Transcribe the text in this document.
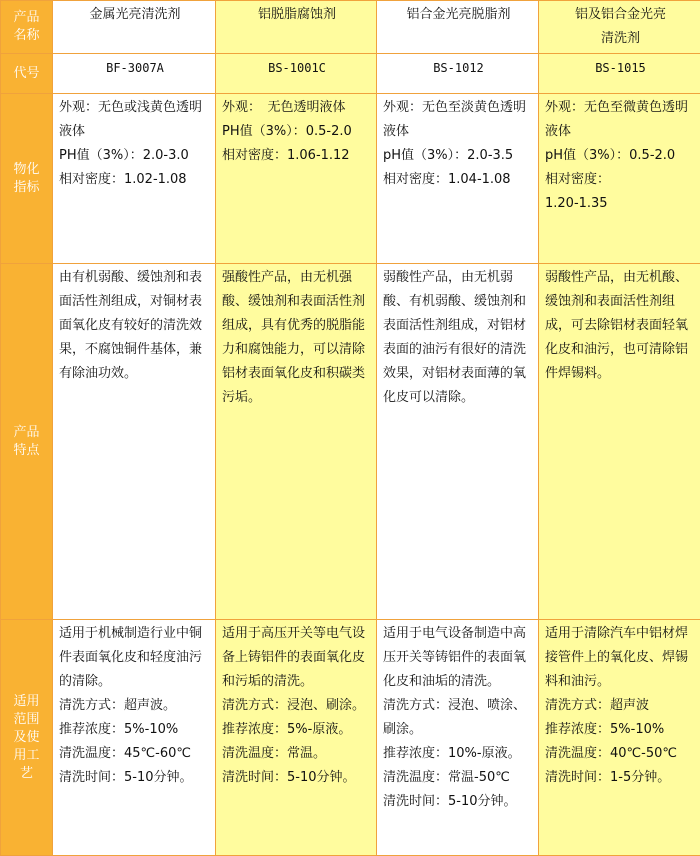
产品
名称	金属光亮清洗剂	铝脱脂腐蚀剂	铝合金光亮脱脂剂	铝及铝合金光亮
清洗剂

代号	BF-3007A	BS-1001C	BS-1012	BS-1015

物化
指标	外观：无色或浅黄色透明液体
PH值（3%）：2.0-3.0
相对密度：1.02-1.08	外观：　无色透明液体
PH值（3%）：0.5-2.0
相对密度：1.06-1.12	外观：无色至淡黄色透明液体
pH值（3%）：2.0-3.5
相对密度：1.04-1.08	外观：无色至微黄色透明液体
pH值（3%）：0.5-2.0
相对密度：
1.20-1.35

产品
特点	由有机弱酸、缓蚀剂和表面活性剂组成，对铜材表面氧化皮有较好的清洗效果，不腐蚀铜件基体，兼有除油功效。	强酸性产品，由无机强酸、缓蚀剂和表面活性剂组成，具有优秀的脱脂能力和腐蚀能力，可以清除铝材表面氧化皮和积碳类污垢。	弱酸性产品，由无机弱酸、有机弱酸、缓蚀剂和表面活性剂组成，对铝材表面的油污有很好的清洗效果，对铝材表面薄的氧化皮可以清除。	弱酸性产品，由无机酸、缓蚀剂和表面活性剂组成，可去除铝材表面轻氧化皮和油污，也可清除铝件焊锡料。

适用
范围
及使
用工
艺	适用于机械制造行业中铜件表面氧化皮和轻度油污的清除。
清洗方式：超声波。
推荐浓度：5%-10%
清洗温度：45℃-60℃
清洗时间：5-10分钟。	适用于高压开关等电气设备上铸铝件的表面氧化皮和污垢的清洗。
清洗方式：浸泡、刷涂。
推荐浓度：5%-原液。
清洗温度：常温。
清洗时间：5-10分钟。	适用于电气设备制造中高压开关等铸铝件的表面氧化皮和油垢的清洗。
清洗方式：浸泡、喷涂、刷涂。
推荐浓度：10%-原液。
清洗温度：常温-50℃
清洗时间：5-10分钟。	适用于清除汽车中铝材焊接管件上的氧化皮、焊锡料和油污。
清洗方式：超声波
推荐浓度：5%-10%
清洗温度：40℃-50℃
清洗时间：1-5分钟。
